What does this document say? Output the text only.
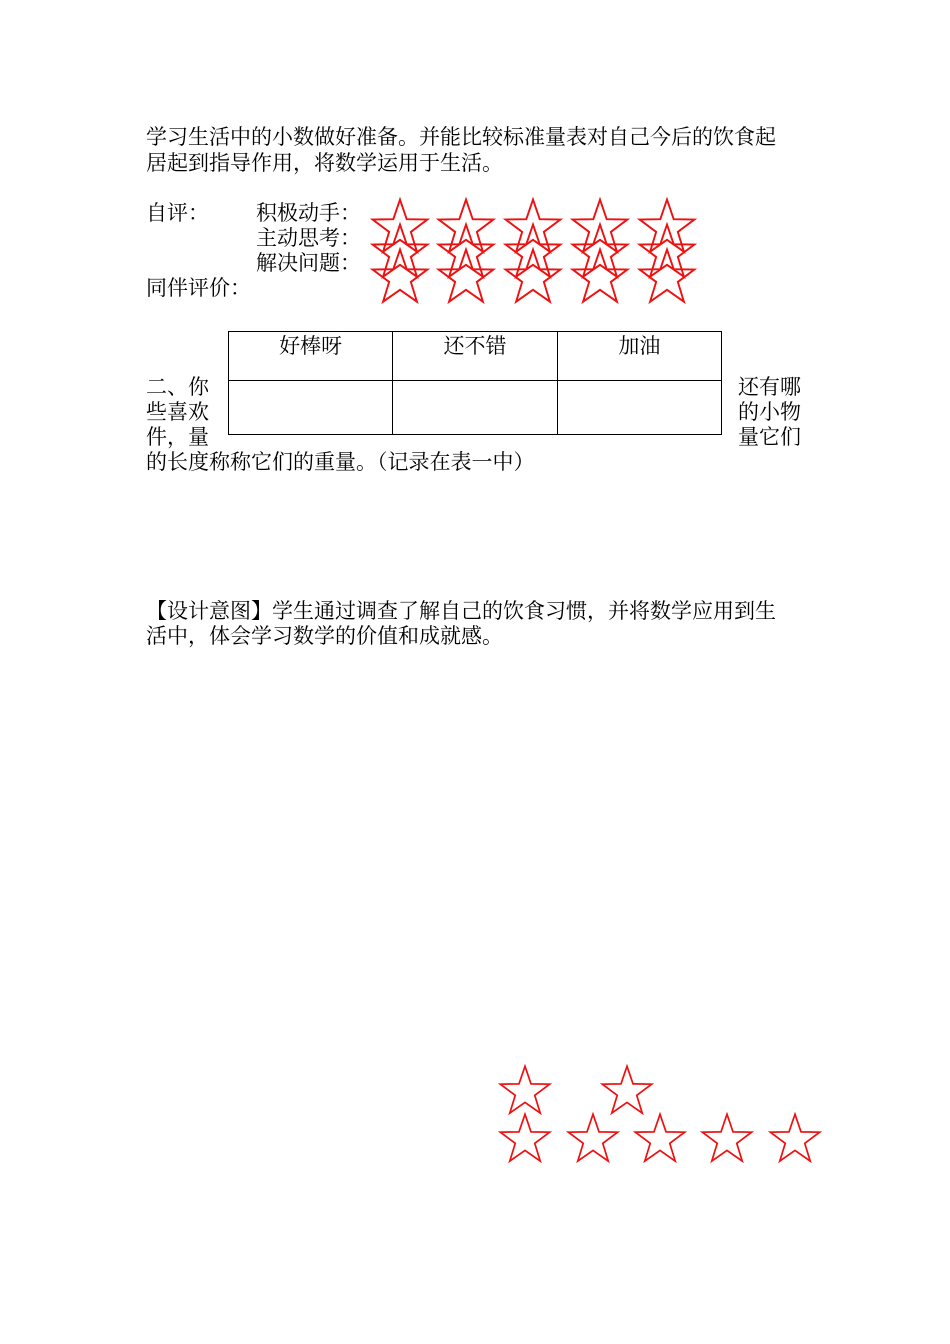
学习生活中的小数做好准备。并能比较标准量表对自己今后的饮食起
居起到指导作用，将数学运用于生活。
自评： 积极动手：
主动思考：
解决问题：
同伴评价：
好棒呀	还不错	加油

二、你
些喜欢
件，量
还有哪
的小物
量它们
的长度称称它们的重量。（记录在表一中）
【设计意图】学生通过调查了解自己的饮食习惯，并将数学应用到生
活中，体会学习数学的价值和成就感。
